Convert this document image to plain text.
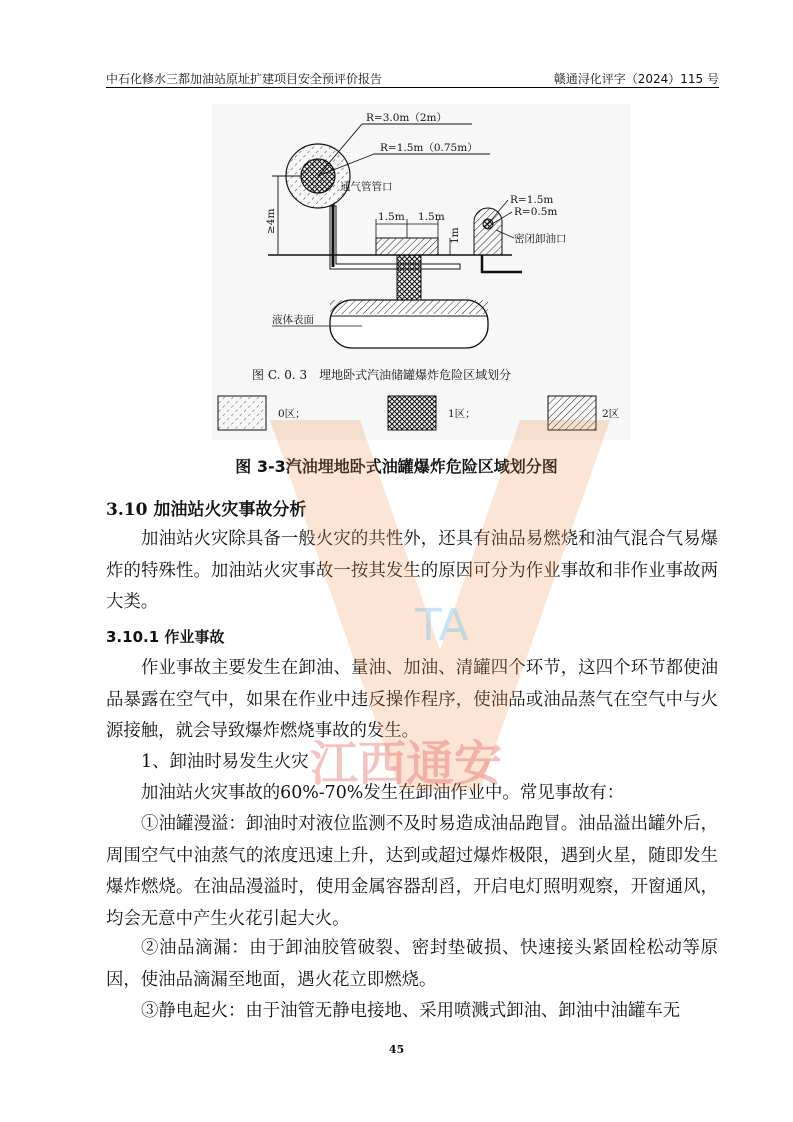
中石化修水三都加油站原址扩建项目安全预评价报告	赣通浔化评字（2024）115 号
R=3.0m（2m）
R=1.5m（0.75m）
通气管管口
≥4m	1.5m 1.5m
1m
R=1.5m
R=0.5m
密闭卸油口
液体表面
图 C. 0. 3　埋地卧式汽油储罐爆炸危险区域划分
0区；	1区；	2区
图 3-3汽油埋地卧式油罐爆炸危险区域划分图
3.10 加油站火灾事故分析
加油站火灾除具备一般火灾的共性外，还具有油品易燃烧和油气混合气易爆炸的特殊性。加油站火灾事故一按其发生的原因可分为作业事故和非作业事故两大类。
3.10.1 作业事故
作业事故主要发生在卸油、量油、加油、清罐四个环节，这四个环节都使油品暴露在空气中，如果在作业中违反操作程序，使油品或油品蒸气在空气中与火源接触，就会导致爆炸燃烧事故的发生。
1、卸油时易发生火灾
加油站火灾事故的60%-70%发生在卸油作业中。常见事故有：
①油罐漫溢：卸油时对液位监测不及时易造成油品跑冒。油品溢出罐外后，周围空气中油蒸气的浓度迅速上升，达到或超过爆炸极限，遇到火星，随即发生爆炸燃烧。在油品漫溢时，使用金属容器刮舀，开启电灯照明观察，开窗通风，均会无意中产生火花引起大火。
②油品滴漏：由于卸油胶管破裂、密封垫破损、快速接头紧固栓松动等原因，使油品滴漏至地面，遇火花立即燃烧。
③静电起火：由于油管无静电接地、采用喷溅式卸油、卸油中油罐车无
45
TA
江西通安
